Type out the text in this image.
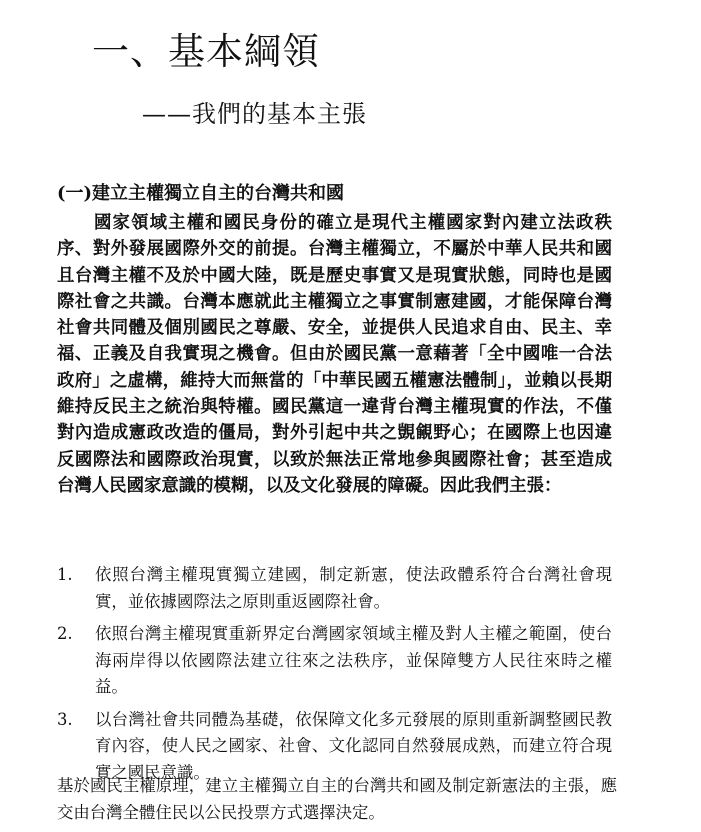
一、基本綱領
——我們的基本主張
(一)建立主權獨立自主的台灣共和國

國家領域主權和國民身份的確立是現代主權國家對內建立法政秩序、對外發展國際外交的前提。台灣主權獨立，不屬於中華人民共和國且台灣主權不及於中國大陸，既是歷史事實又是現實狀態，同時也是國際社會之共識。台灣本應就此主權獨立之事實制憲建國，才能保障台灣社會共同體及個別國民之尊嚴、安全，並提供人民追求自由、民主、幸福、正義及自我實現之機會。但由於國民黨一意藉著「全中國唯一合法政府」之虛構，維持大而無當的「中華民國五權憲法體制」，並賴以長期維持反民主之統治與特權。國民黨這一違背台灣主權現實的作法，不僅對內造成憲政改造的僵局，對外引起中共之覬覦野心；在國際上也因違反國際法和國際政治現實，以致於無法正常地參與國際社會；甚至造成台灣人民國家意識的模糊，以及文化發展的障礙。因此我們主張：

1. 依照台灣主權現實獨立建國，制定新憲，使法政體系符合台灣社會現實，並依據國際法之原則重返國際社會。
2. 依照台灣主權現實重新界定台灣國家領域主權及對人主權之範圍，使台海兩岸得以依國際法建立往來之法秩序，並保障雙方人民往來時之權益。
3. 以台灣社會共同體為基礎，依保障文化多元發展的原則重新調整國民教育內容，使人民之國家、社會、文化認同自然發展成熟，而建立符合現實之國民意識。

基於國民主權原理，建立主權獨立自主的台灣共和國及制定新憲法的主張，應交由台灣全體住民以公民投票方式選擇決定。
